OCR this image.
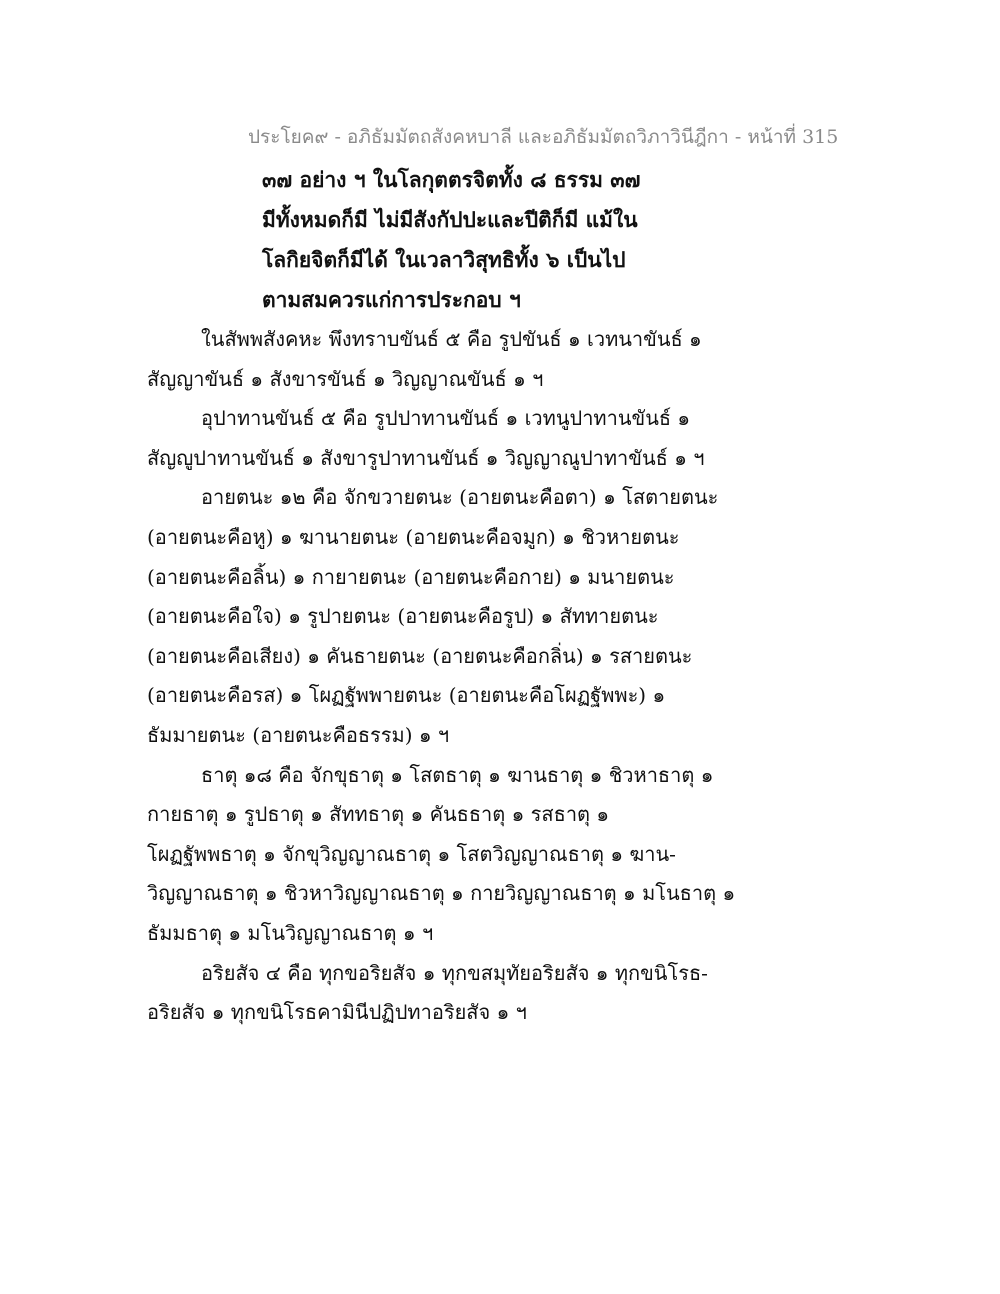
ประโยค๙ - อภิธัมมัตถสังคหบาลี และอภิธัมมัตถวิภาวินีฎีกา - หน้าที่ 315
๓๗ อย่าง ฯ ในโลกุตตรจิตทั้ง ๘ ธรรม ๓๗
มีทั้งหมดก็มี ไม่มีสังกัปปะและปีติก็มี แม้ใน
โลกิยจิตก็มีได้ ในเวลาวิสุทธิทั้ง ๖ เป็นไป
ตามสมควรแก่การประกอบ ฯ
ในสัพพสังคหะ พึงทราบขันธ์ ๕ คือ รูปขันธ์ ๑ เวทนาขันธ์ ๑
สัญญาขันธ์ ๑ สังขารขันธ์ ๑ วิญญาณขันธ์ ๑ ฯ
อุปาทานขันธ์ ๕ คือ รูปปาทานขันธ์ ๑ เวทนูปาทานขันธ์ ๑
สัญญูปาทานขันธ์ ๑ สังขารูปาทานขันธ์ ๑ วิญญาณูปาทาขันธ์ ๑ ฯ
อายตนะ ๑๒ คือ จักขวายตนะ (อายตนะคือตา) ๑ โสตายตนะ
(อายตนะคือหู) ๑ ฆานายตนะ (อายตนะคือจมูก) ๑ ชิวหายตนะ
(อายตนะคือลิ้น) ๑ กายายตนะ (อายตนะคือกาย) ๑ มนายตนะ
(อายตนะคือใจ) ๑ รูปายตนะ (อายตนะคือรูป) ๑ สัททายตนะ
(อายตนะคือเสียง) ๑ คันธายตนะ (อายตนะคือกลิ่น) ๑ รสายตนะ
(อายตนะคือรส) ๑ โผฏฐัพพายตนะ (อายตนะคือโผฏฐัพพะ) ๑
ธัมมายตนะ (อายตนะคือธรรม) ๑ ฯ
ธาตุ ๑๘ คือ จักขุธาตุ ๑ โสตธาตุ ๑ ฆานธาตุ ๑ ชิวหาธาตุ ๑
กายธาตุ ๑ รูปธาตุ ๑ สัททธาตุ ๑ คันธธาตุ ๑ รสธาตุ ๑
โผฏฐัพพธาตุ ๑ จักขุวิญญาณธาตุ ๑ โสตวิญญาณธาตุ ๑ ฆาน-
วิญญาณธาตุ ๑ ชิวหาวิญญาณธาตุ ๑ กายวิญญาณธาตุ ๑ มโนธาตุ ๑
ธัมมธาตุ ๑ มโนวิญญาณธาตุ ๑ ฯ
อริยสัจ ๔ คือ ทุกขอริยสัจ ๑ ทุกขสมุทัยอริยสัจ ๑ ทุกขนิโรธ-
อริยสัจ ๑ ทุกขนิโรธคามินีปฏิปทาอริยสัจ ๑ ฯ
